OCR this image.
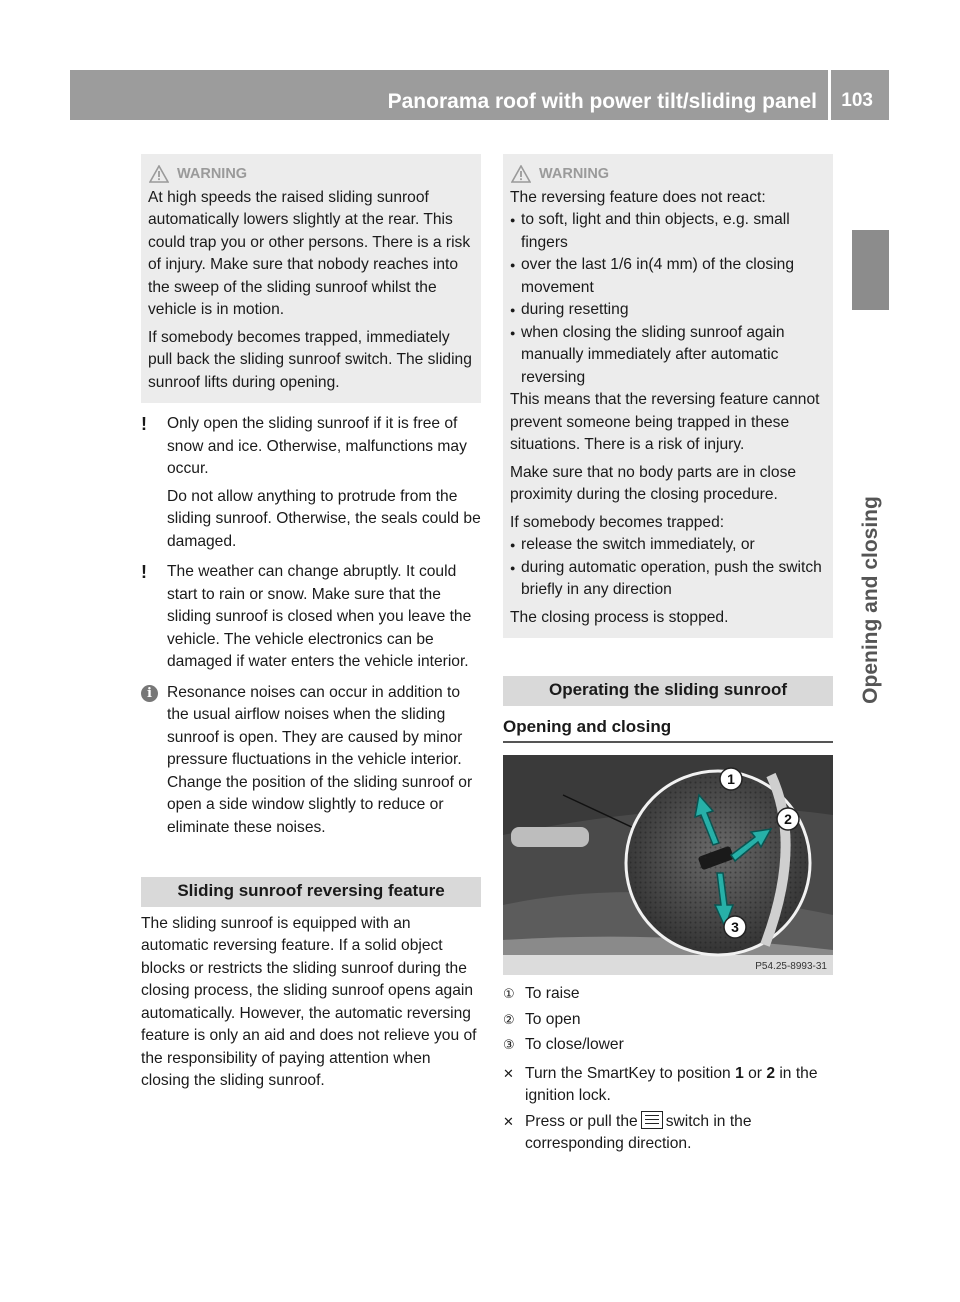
Panorama roof with power tilt/sliding panel 103
Opening and closing
WARNING

At high speeds the raised sliding sunroof automatically lowers slightly at the rear. This could trap you or other persons. There is a risk of injury. Make sure that nobody reaches into the sweep of the sliding sunroof whilst the vehicle is in motion.

If somebody becomes trapped, immediately pull back the sliding sunroof switch. The sliding sunroof lifts during opening.

!	Only open the sliding sunroof if it is free of snow and ice. Otherwise, malfunctions may occur.

Do not allow anything to protrude from the sliding sunroof. Otherwise, the seals could be damaged.

!	The weather can change abruptly. It could start to rain or snow. Make sure that the sliding sunroof is closed when you leave the vehicle. The vehicle electronics can be damaged if water enters the vehicle interior.

i Resonance noises can occur in addition to the usual airflow noises when the sliding sunroof is open. They are caused by minor pressure fluctuations in the vehicle interior. Change the position of the sliding sunroof or open a side window slightly to reduce or eliminate these noises.

Sliding sunroof reversing feature

The sliding sunroof is equipped with an automatic reversing feature. If a solid object blocks or restricts the sliding sunroof during the closing process, the sliding sunroof opens again automatically. However, the automatic reversing feature is only an aid and does not relieve you of the responsibility of paying attention when closing the sliding sunroof.

WARNING

The reversing feature does not react:

● to soft, light and thin objects, e.g. small fingers
● over the last 1/6 in(4 mm) of the closing movement
● during resetting
● when closing the sliding sunroof again manually immediately after automatic reversing

This means that the reversing feature cannot prevent someone being trapped in these situations. There is a risk of injury.

Make sure that no body parts are in close proximity during the closing procedure.

If somebody becomes trapped:

● release the switch immediately, or
● during automatic operation, push the switch briefly in any direction

The closing process is stopped.

Operating the sliding sunroof
Opening and closing
1
2
3
P54.25-8993-31
① To raise
② To open
③ To close/lower
✕ Turn the SmartKey to position 1 or 2 in the ignition lock.
✕ Press or pull the switch in the corresponding direction.
